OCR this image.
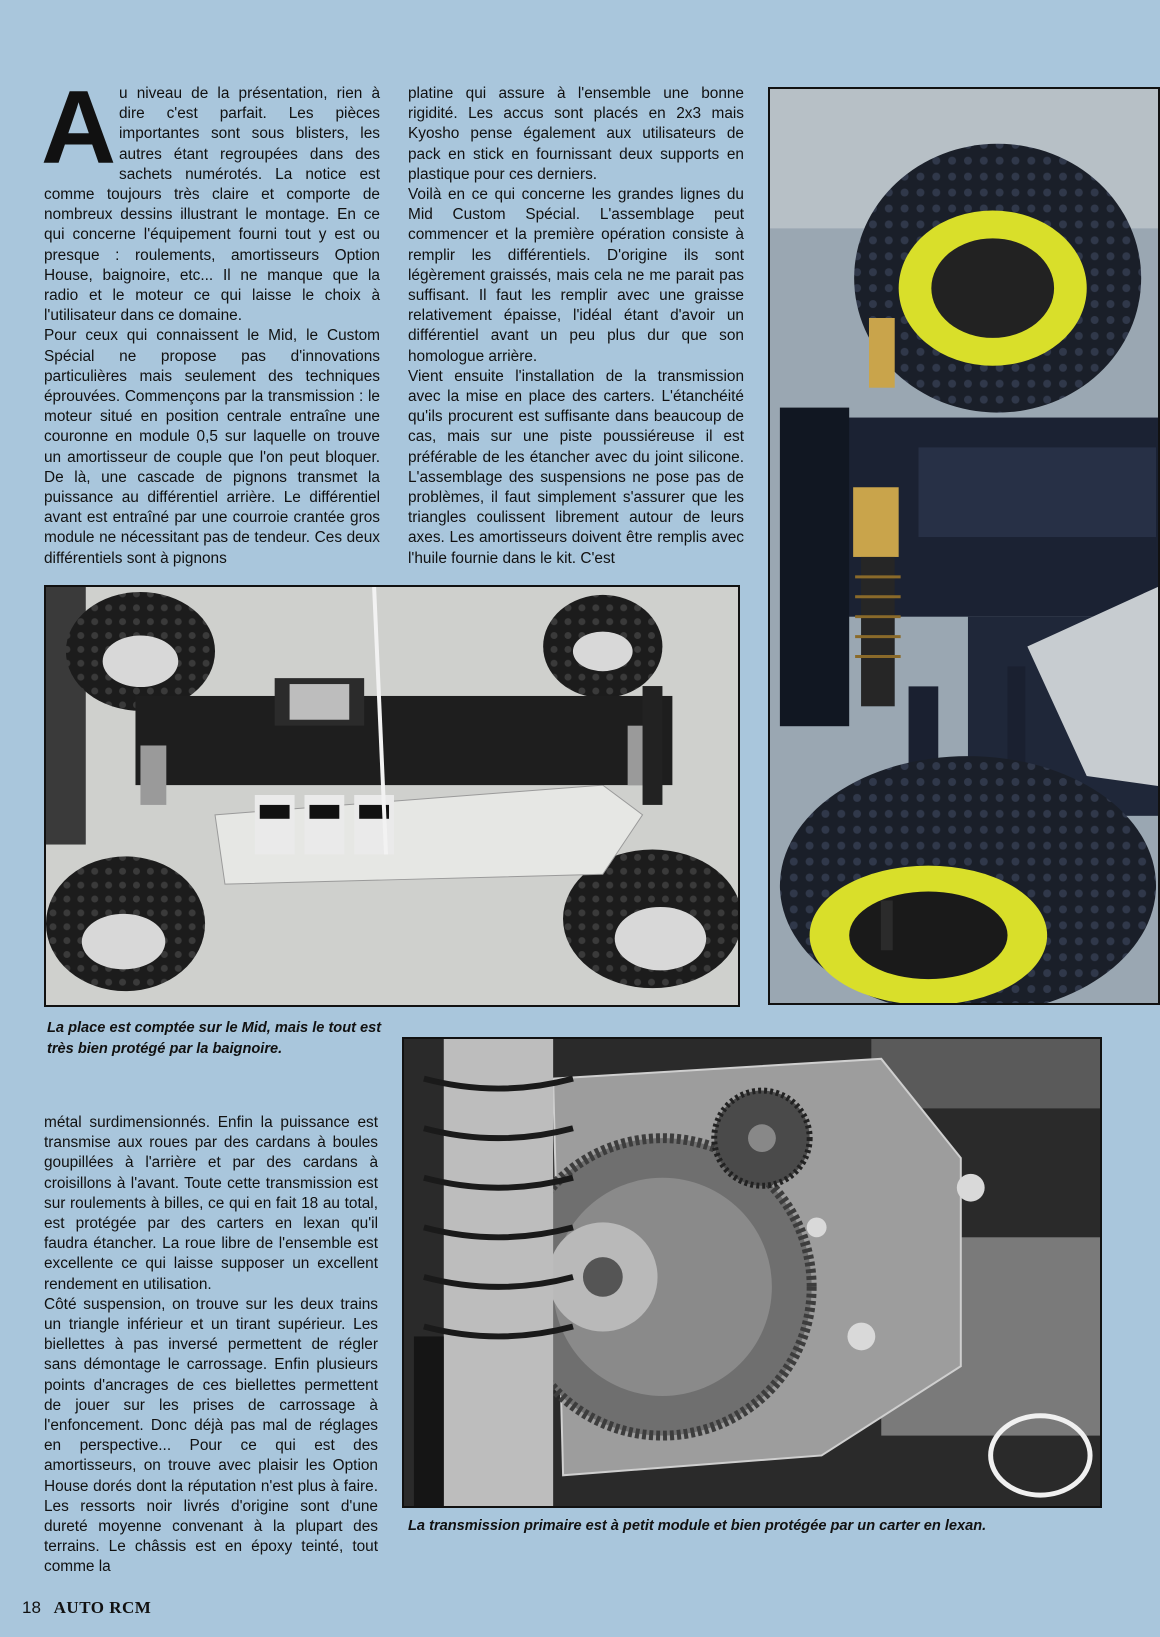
A u niveau de la présentation, rien à dire c'est parfait. Les pièces importantes sont sous blisters, les autres étant regroupées dans des sachets numérotés. La notice est comme toujours très claire et comporte de nombreux dessins illustrant le montage. En ce qui concerne l'équipement fourni tout y est ou presque : roulements, amortisseurs Option House, baignoire, etc... Il ne manque que la radio et le moteur ce qui laisse le choix à l'utilisateur dans ce domaine.

Pour ceux qui connaissent le Mid, le Custom Spécial ne propose pas d'innovations particulières mais seulement des techniques éprouvées. Commençons par la transmission : le moteur situé en position centrale entraîne une couronne en module 0,5 sur laquelle on trouve un amortisseur de couple que l'on peut bloquer. De là, une cascade de pignons transmet la puissance au différentiel arrière. Le différentiel avant est entraîné par une courroie crantée gros module ne nécessitant pas de tendeur. Ces deux différentiels sont à pignons

platine qui assure à l'ensemble une bonne rigidité. Les accus sont placés en 2x3 mais Kyosho pense également aux utilisateurs de pack en stick en fournissant deux supports en plastique pour ces derniers.

Voilà en ce qui concerne les grandes lignes du Mid Custom Spécial. L'assemblage peut commencer et la première opération consiste à remplir les différentiels. D'origine ils sont légèrement graissés, mais cela ne me parait pas suffisant. Il faut les remplir avec une graisse relativement épaisse, l'idéal étant d'avoir un différentiel avant un peu plus dur que son homologue arrière.

Vient ensuite l'installation de la transmission avec la mise en place des carters. L'étanchéité qu'ils procurent est suffisante dans beaucoup de cas, mais sur une piste poussiéreuse il est préférable de les étancher avec du joint silicone. L'assemblage des suspensions ne pose pas de problèmes, il faut simplement s'assurer que les triangles coulissent librement autour de leurs axes. Les amortisseurs doivent être remplis avec l'huile fournie dans le kit. C'est

La place est comptée sur le Mid, mais le tout est très bien protégé par la baignoire.

métal surdimensionnés. Enfin la puissance est transmise aux roues par des cardans à boules goupillées à l'arrière et par des cardans à croisillons à l'avant. Toute cette transmission est sur roulements à billes, ce qui en fait 18 au total, est protégée par des carters en lexan qu'il faudra étancher. La roue libre de l'ensemble est excellente ce qui laisse supposer un excellent rendement en utilisation.

Côté suspension, on trouve sur les deux trains un triangle inférieur et un tirant supérieur. Les biellettes à pas inversé permettent de régler sans démontage le carrossage. Enfin plusieurs points d'ancrages de ces biellettes permettent de jouer sur les prises de carrossage à l'enfoncement. Donc déjà pas mal de réglages en perspective... Pour ce qui est des amortisseurs, on trouve avec plaisir les Option House dorés dont la réputation n'est plus à faire. Les ressorts noir livrés d'origine sont d'une dureté moyenne convenant à la plupart des terrains. Le châssis est en époxy teinté, tout comme la

La transmission primaire est à petit module et bien protégée par un carter en lexan.
18 AUTO RCM
